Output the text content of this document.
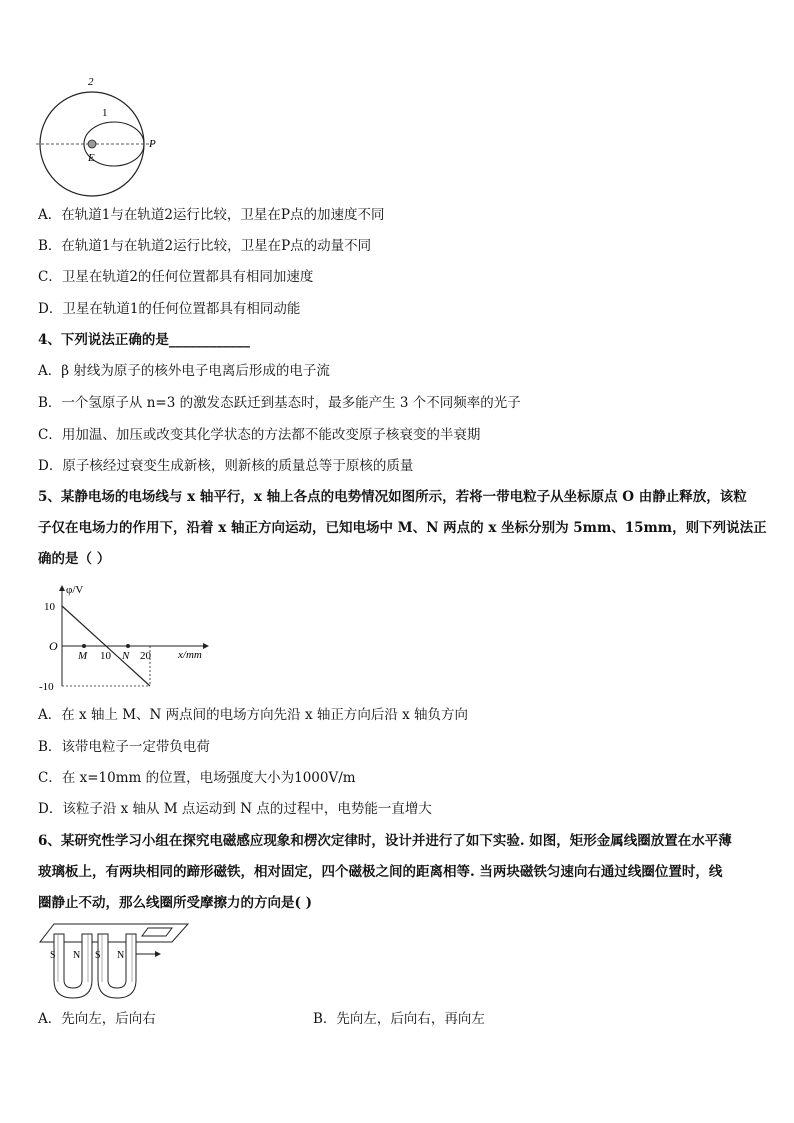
2
1
E
P
A．在轨道1与在轨道2运行比较，卫星在P点的加速度不同
B．在轨道1与在轨道2运行比较，卫星在P点的动量不同
C．卫星在轨道2的任何位置都具有相同加速度
D．卫星在轨道1的任何位置都具有相同动能
4、下列说法正确的是____________
A．β 射线为原子的核外电子电离后形成的电子流
B．一个氢原子从 n=3 的激发态跃迁到基态时，最多能产生 3 个不同频率的光子
C．用加温、加压或改变其化学状态的方法都不能改变原子核衰变的半衰期
D．原子核经过衰变生成新核，则新核的质量总等于原核的质量
5、某静电场的电场线与 x 轴平行，x 轴上各点的电势情况如图所示，若将一带电粒子从坐标原点 O 由静止释放，该粒
子仅在电场力的作用下，沿着 x 轴正方向运动，已知电场中 M、N 两点的 x 坐标分别为 5mm、15mm，则下列说法正
确的是（ ）
φ/V
x/mm
O
10
-10
10	20
M	N
A．在 x 轴上 M、N 两点间的电场方向先沿 x 轴正方向后沿 x 轴负方向
B．该带电粒子一定带负电荷
C．在 x=10mm 的位置，电场强度大小为1000V/m
D．该粒子沿 x 轴从 M 点运动到 N 点的过程中，电势能一直增大
6、某研究性学习小组在探究电磁感应现象和楞次定律时，设计并进行了如下实验. 如图，矩形金属线圈放置在水平薄
玻璃板上，有两块相同的蹄形磁铁，相对固定，四个磁极之间的距离相等. 当两块磁铁匀速向右通过线圈位置时，线
圈静止不动，那么线圈所受摩擦力的方向是( )
S N S N
A．先向左，后向右	B．先向左，后向右，再向左
